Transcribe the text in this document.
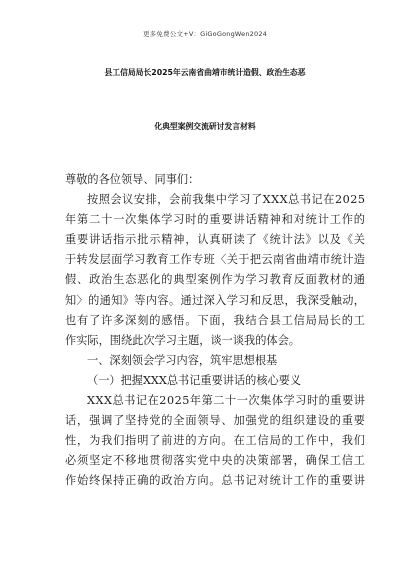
更多免费公文+V：GiGoGongWen2024
县工信局局长2025年云南省曲靖市统计造假、政治生态恶
化典型案例交流研讨发言材料
尊敬的各位领导、同事们：
按照会议安排，会前我集中学习了XXX总书记在2025
年第二十一次集体学习时的重要讲话精神和对统计工作的
重要讲话指示批示精神，认真研读了《统计法》以及《关
于转发层面学习教育工作专班〈关于把云南省曲靖市统计造
假、政治生态恶化的典型案例作为学习教育反面教材的通
知〉的通知》等内容。通过深入学习和反思，我深受触动，
也有了许多深刻的感悟。下面，我结合县工信局局长的工
作实际，围绕此次学习主题，谈一谈我的体会。
一、深刻领会学习内容，筑牢思想根基
（一）把握XXX总书记重要讲话的核心要义
XXX总书记在2025年第二十一次集体学习时的重要讲
话，强调了坚持党的全面领导、加强党的组织建设的重要
性，为我们指明了前进的方向。在工信局的工作中，我们
必须坚定不移地贯彻落实党中央的决策部署，确保工信工
作始终保持正确的政治方向。总书记对统计工作的重要讲
